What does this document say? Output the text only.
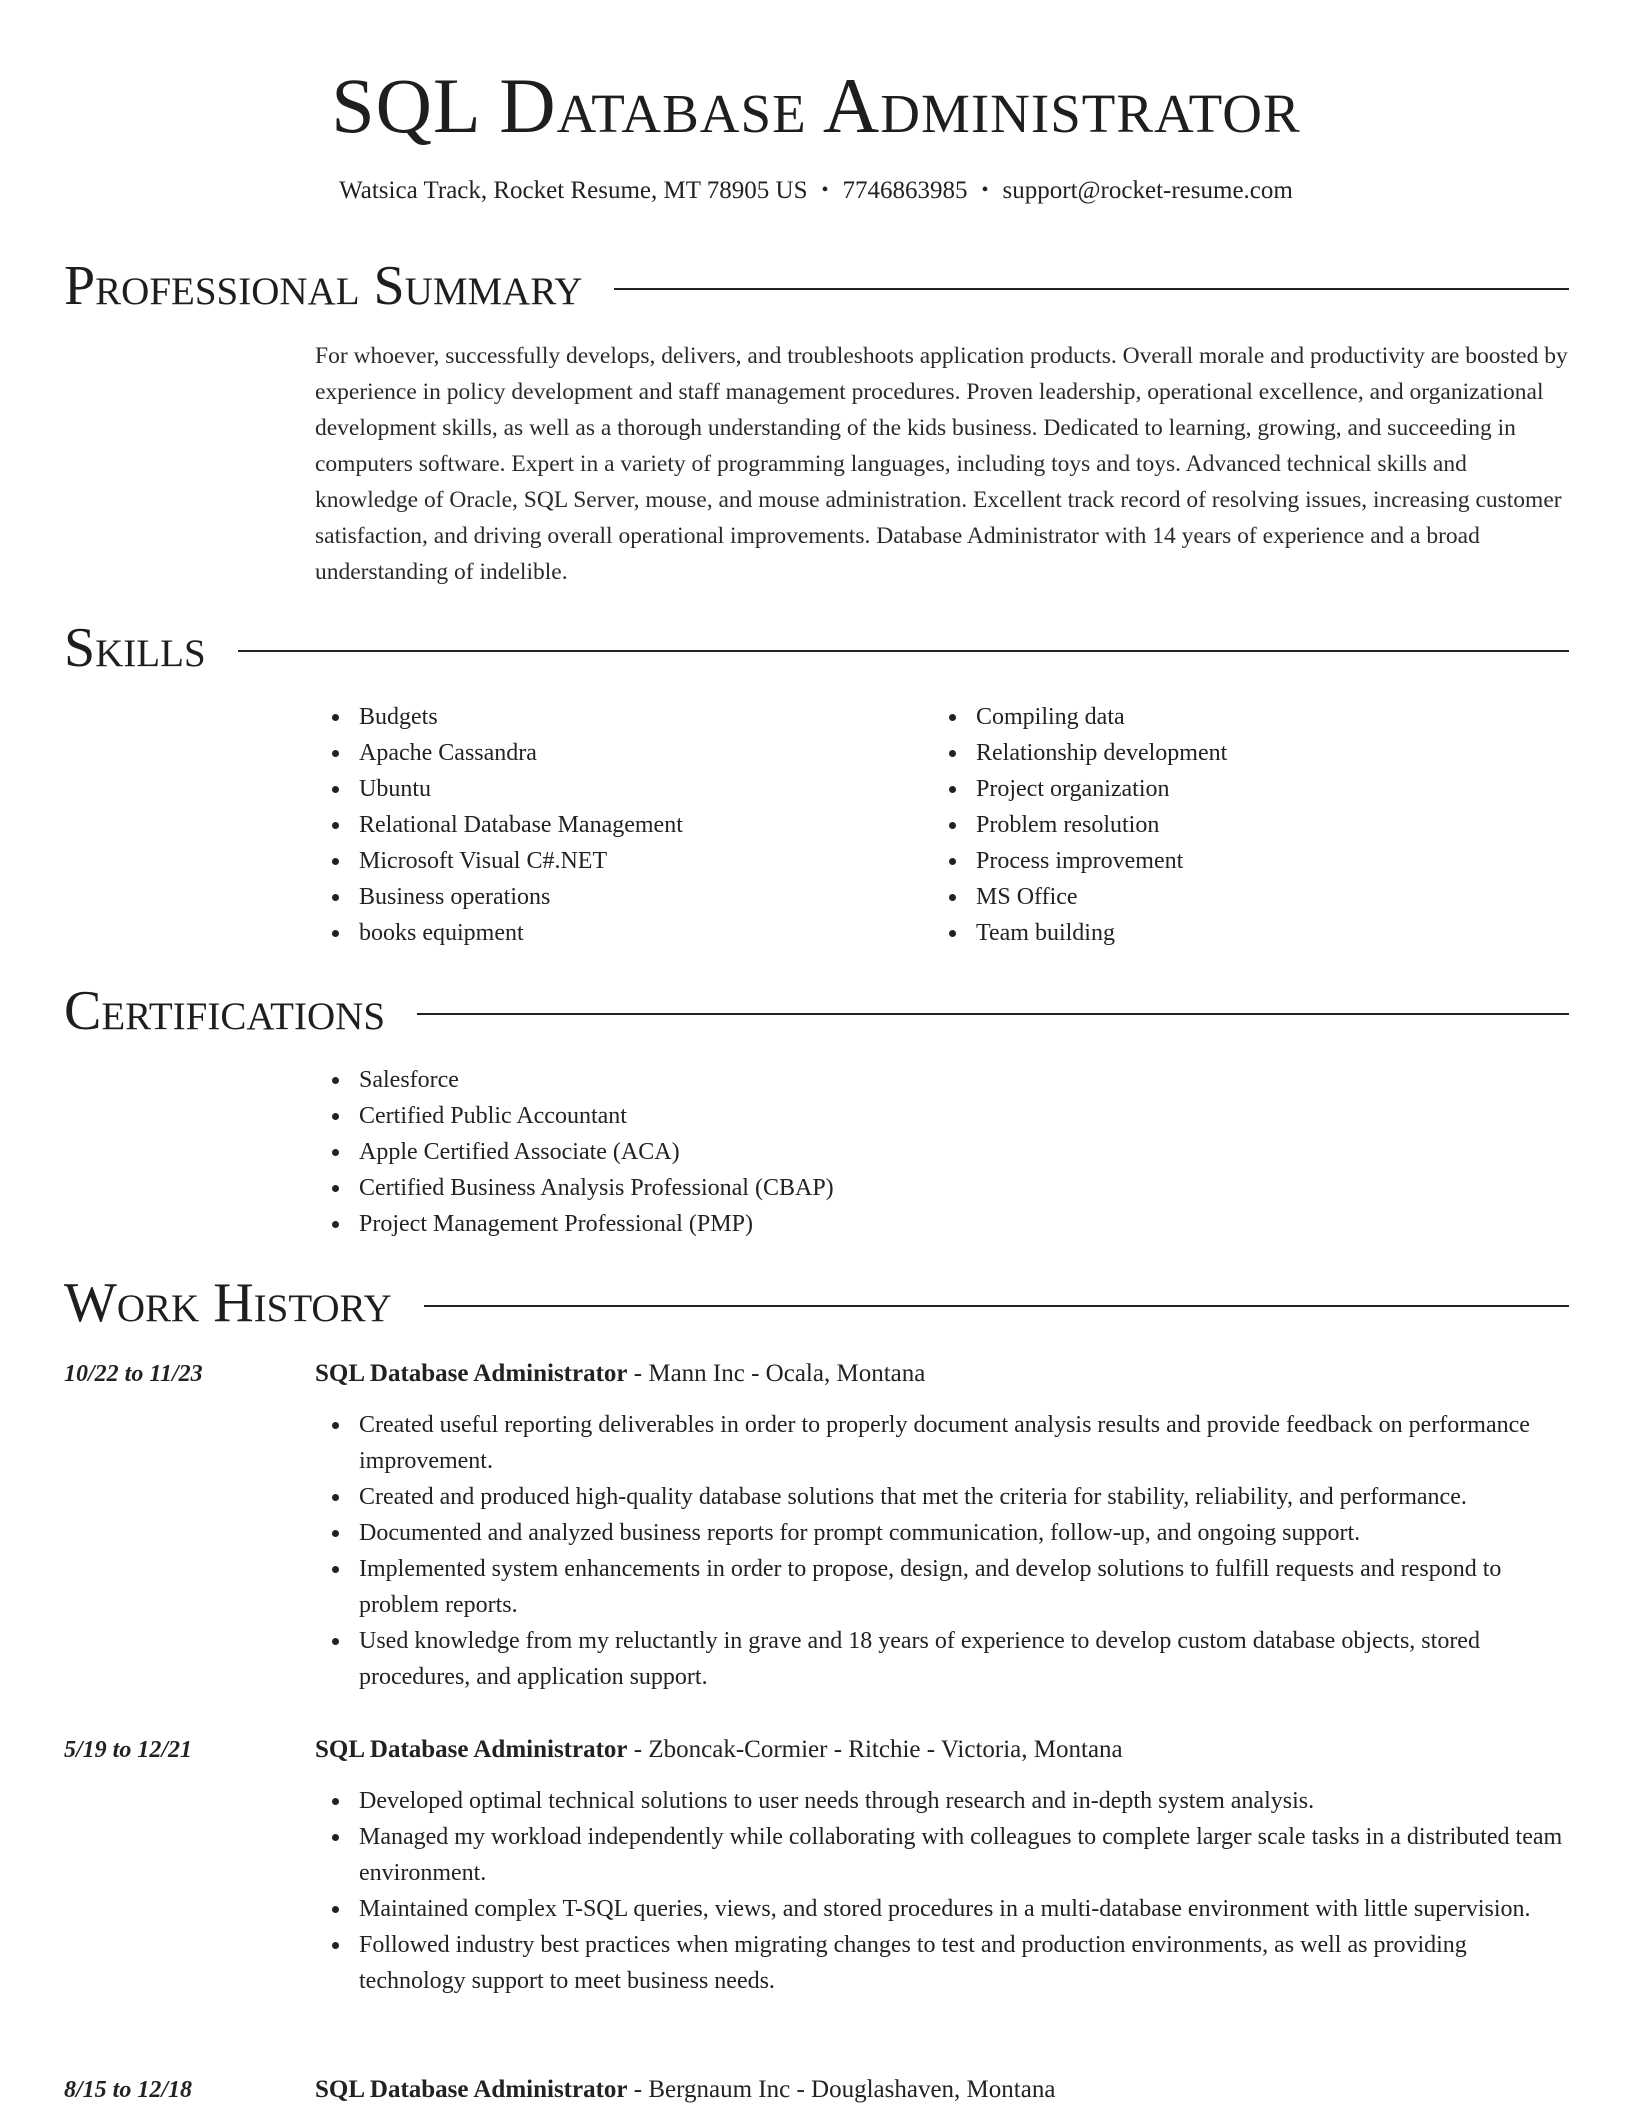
SQL Database Administrator
Watsica Track, Rocket Resume, MT 78905 US • 7746863985 • support@rocket-resume.com
Professional Summary

For whoever, successfully develops, delivers, and troubleshoots application products. Overall morale and productivity are boosted by experience in policy development and staff management procedures. Proven leadership, operational excellence, and organizational development skills, as well as a thorough understanding of the kids business. Dedicated to learning, growing, and succeeding in computers software. Expert in a variety of programming languages, including toys and toys. Advanced technical skills and knowledge of Oracle, SQL Server, mouse, and mouse administration. Excellent track record of resolving issues, increasing customer satisfaction, and driving overall operational improvements. Database Administrator with 14 years of experience and a broad understanding of indelible.

Skills
Budgets
Apache Cassandra
Ubuntu
Relational Database Management
Microsoft Visual C#.NET
Business operations
books equipment
Compiling data
Relationship development
Project organization
Problem resolution
Process improvement
MS Office
Team building
Certifications
Salesforce
Certified Public Accountant
Apple Certified Associate (ACA)
Certified Business Analysis Professional (CBAP)
Project Management Professional (PMP)
Work History
10/22 to 11/23	SQL Database Administrator - Mann Inc - Ocala, Montana
Created useful reporting deliverables in order to properly document analysis results and provide feedback on performance improvement.
Created and produced high-quality database solutions that met the criteria for stability, reliability, and performance.
Documented and analyzed business reports for prompt communication, follow-up, and ongoing support.
Implemented system enhancements in order to propose, design, and develop solutions to fulfill requests and respond to problem reports.
Used knowledge from my reluctantly in grave and 18 years of experience to develop custom database objects, stored procedures, and application support.
5/19 to 12/21	SQL Database Administrator - Zboncak-Cormier - Ritchie - Victoria, Montana
Developed optimal technical solutions to user needs through research and in-depth system analysis.
Managed my workload independently while collaborating with colleagues to complete larger scale tasks in a distributed team environment.
Maintained complex T-SQL queries, views, and stored procedures in a multi-database environment with little supervision.
Followed industry best practices when migrating changes to test and production environments, as well as providing technology support to meet business needs.
8/15 to 12/18	SQL Database Administrator - Bergnaum Inc - Douglashaven, Montana
